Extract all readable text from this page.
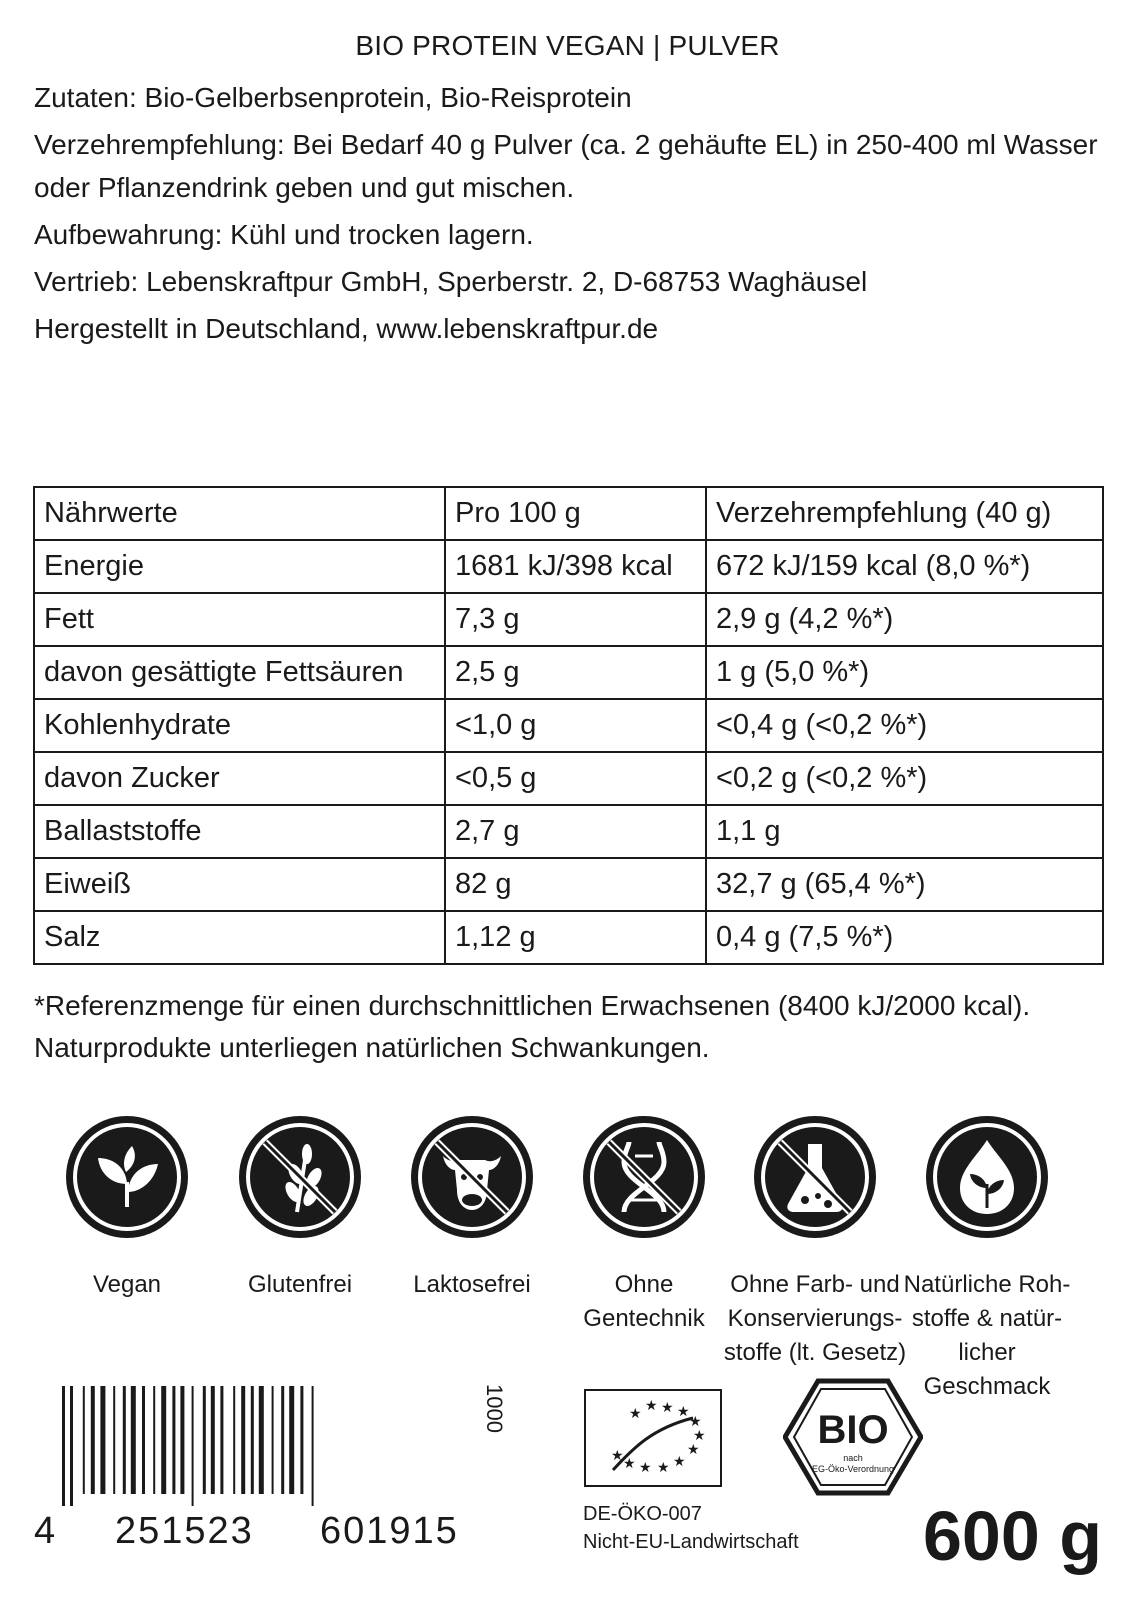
BIO PROTEIN VEGAN | PULVER

Zutaten: Bio-Gelberbsenprotein, Bio-Reisprotein

Verzehrempfehlung: Bei Bedarf 40 g Pulver (ca. 2 gehäufte EL) in 250-400 ml Wasser oder Pflanzendrink geben und gut mischen.

Aufbewahrung: Kühl und trocken lagern.

Vertrieb: Lebenskraftpur GmbH, Sperberstr. 2, D-68753 Waghäusel

Hergestellt in Deutschland, www.lebenskraftpur.de

Nährwerte	Pro 100 g	Verzehrempfehlung (40 g)
Energie	1681 kJ/398 kcal	672 kJ/159 kcal (8,0 %*)
Fett	7,3 g	2,9 g (4,2 %*)
davon gesättigte Fettsäuren	2,5 g	1 g (5,0 %*)
Kohlenhydrate	<1,0 g	<0,4 g (<0,2 %*)
davon Zucker	<0,5 g	<0,2 g (<0,2 %*)
Ballaststoffe	2,7 g	1,1 g
Eiweiß	82 g	32,7 g (65,4 %*)
Salz	1,12 g	0,4 g (7,5 %*)

*Referenzmenge für einen durchschnittlichen Erwachsenen (8400 kJ/2000 kcal).

Naturprodukte unterliegen natürlichen Schwankungen.

Vegan	Glutenfrei	Laktosefrei	Ohne
Gentechnik
Ohne Farb- und
Konservierungs-
stoffe (lt. Gesetz)
Natürliche Roh-
stoffe & natür-
licher Geschmack
4 251523 601915
1000	★ ★ ★
★
★
★
★
★
★
★
★
★
DE-ÖKO-007
Nicht-EU-Landwirtschaft
BIO
nach
EG-Öko-Verordnung
600 g
